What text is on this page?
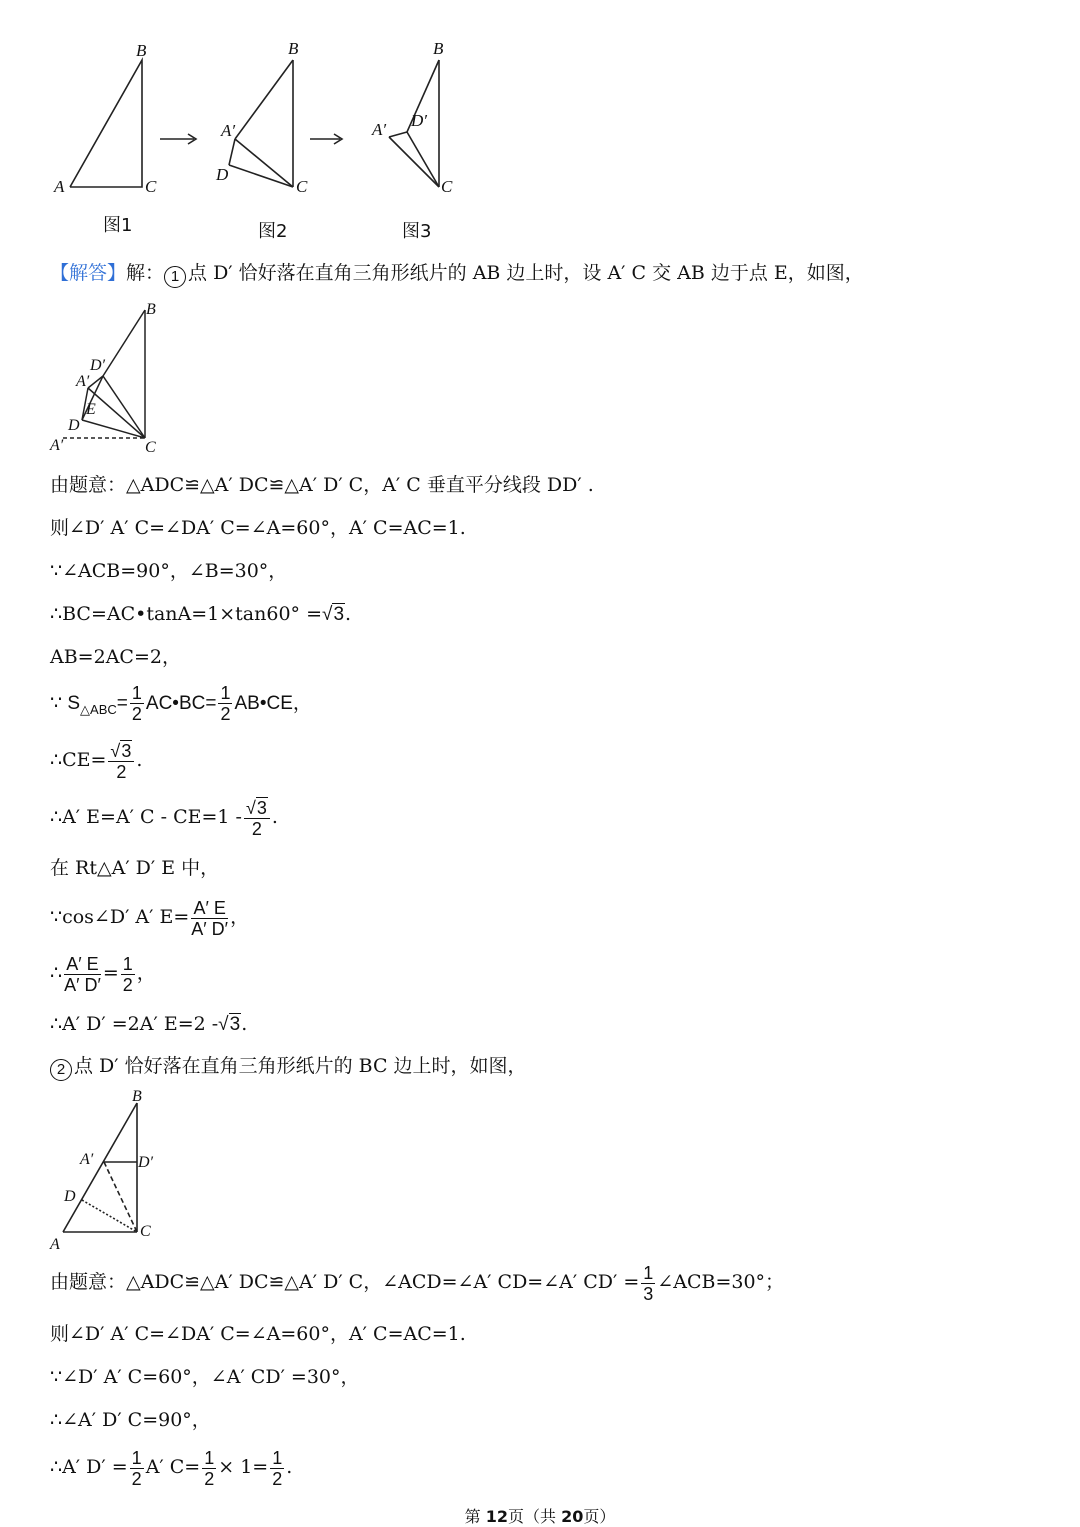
B
A	C
B
A′
D
C
B
A′ D′
C
图1	图2	图3
【解答】解： 1 点 D′ 恰好落在直角三角形纸片的 AB 边上时，设 A′ C 交 AB 边于点 E，如图，
B
D′
A′
E
D
A′	C
由题意：△ADC≌△A′ DC≌△A′ D′ C，A′ C 垂直平分线段 DD′ .
则∠D′ A′ C=∠DA′ C=∠A=60°，A′ C=AC=1.
∵∠ACB=90°，∠B=30°，
∴BC=AC•tanA=1×tan60° =√3.
AB=2AC=2，
∵ $S_{\triangle ABC}= \frac{1}{2}$ AC•BC= $\frac{1}{2}$ AB•CE，
∴CE= $\frac{√3}{2}$ .
∴A′ E=A′ $C - CE=1 - \frac{√3}{2}$ .
在 Rt△A′ D′ E 中，
∵cos∠D′ A′ $E= \frac{A' E}{A' D'}$ ，
∴ $\frac{A' E}{A' D'} = \frac{1}{2}$ ，
∴A′ D′ =2A′ E=2 -√3.
2 点 D′ 恰好落在直角三角形纸片的 BC 边上时，如图，
B
A′	D′
D
C
A
由题意：△ADC≌△A′ DC≌△A′ D′ C，∠ACD=∠A′ CD=∠A′ $CD' = \frac{1}{3}$ ∠ACB=30°；
则∠D′ A′ C=∠DA′ C=∠A=60°，A′ C=AC=1.
∵∠D′ A′ C=60°，∠A′ CD′ =30°，
∴∠A′ D′ C=90°，
∴A′ $D' = \frac{1}{2} A'$ $C= \frac{1}{2} \times 1= \frac{1}{2}$ .
第 12页（共 20页）
